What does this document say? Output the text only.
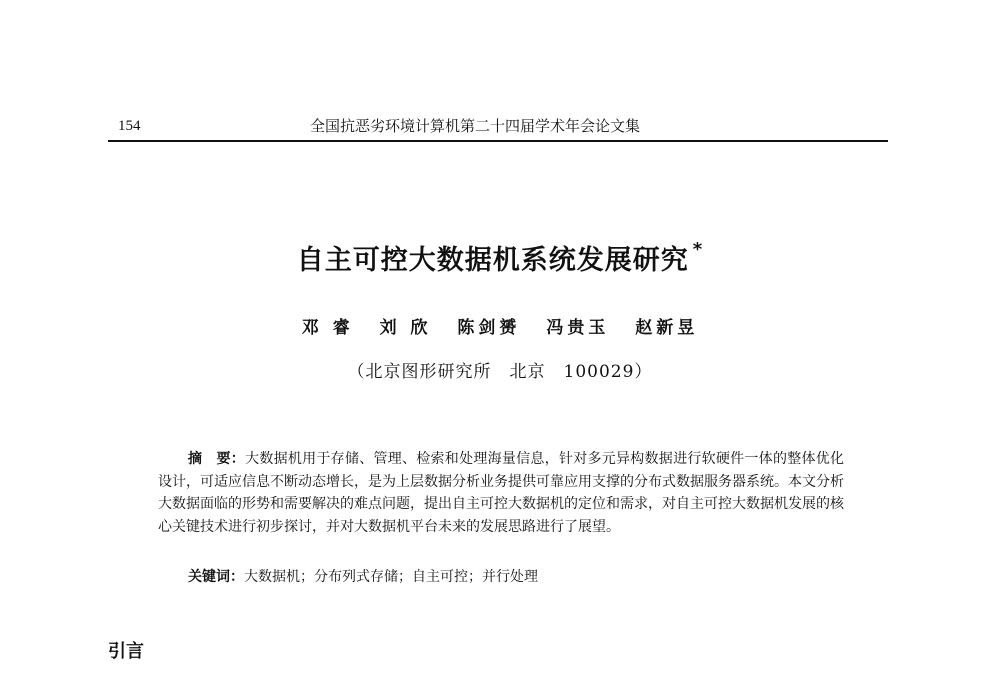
154	全国抗恶劣环境计算机第二十四届学术年会论文集
自主可控大数据机系统发展研究 *
邓 睿 刘 欣 陈剑赟 冯贵玉 赵新昱
（北京图形研究所　北京　100029）
摘　要：大数据机用于存储、管理、检索和处理海量信息，针对多元异构数据进行软硬件一体的整体优化设计，可适应信息不断动态增长，是为上层数据分析业务提供可靠应用支撑的分布式数据服务器系统。本文分析大数据面临的形势和需要解决的难点问题，提出自主可控大数据机的定位和需求，对自主可控大数据机发展的核心关键技术进行初步探讨，并对大数据机平台未来的发展思路进行了展望。
关键词：大数据机；分布列式存储；自主可控；并行处理
引言
